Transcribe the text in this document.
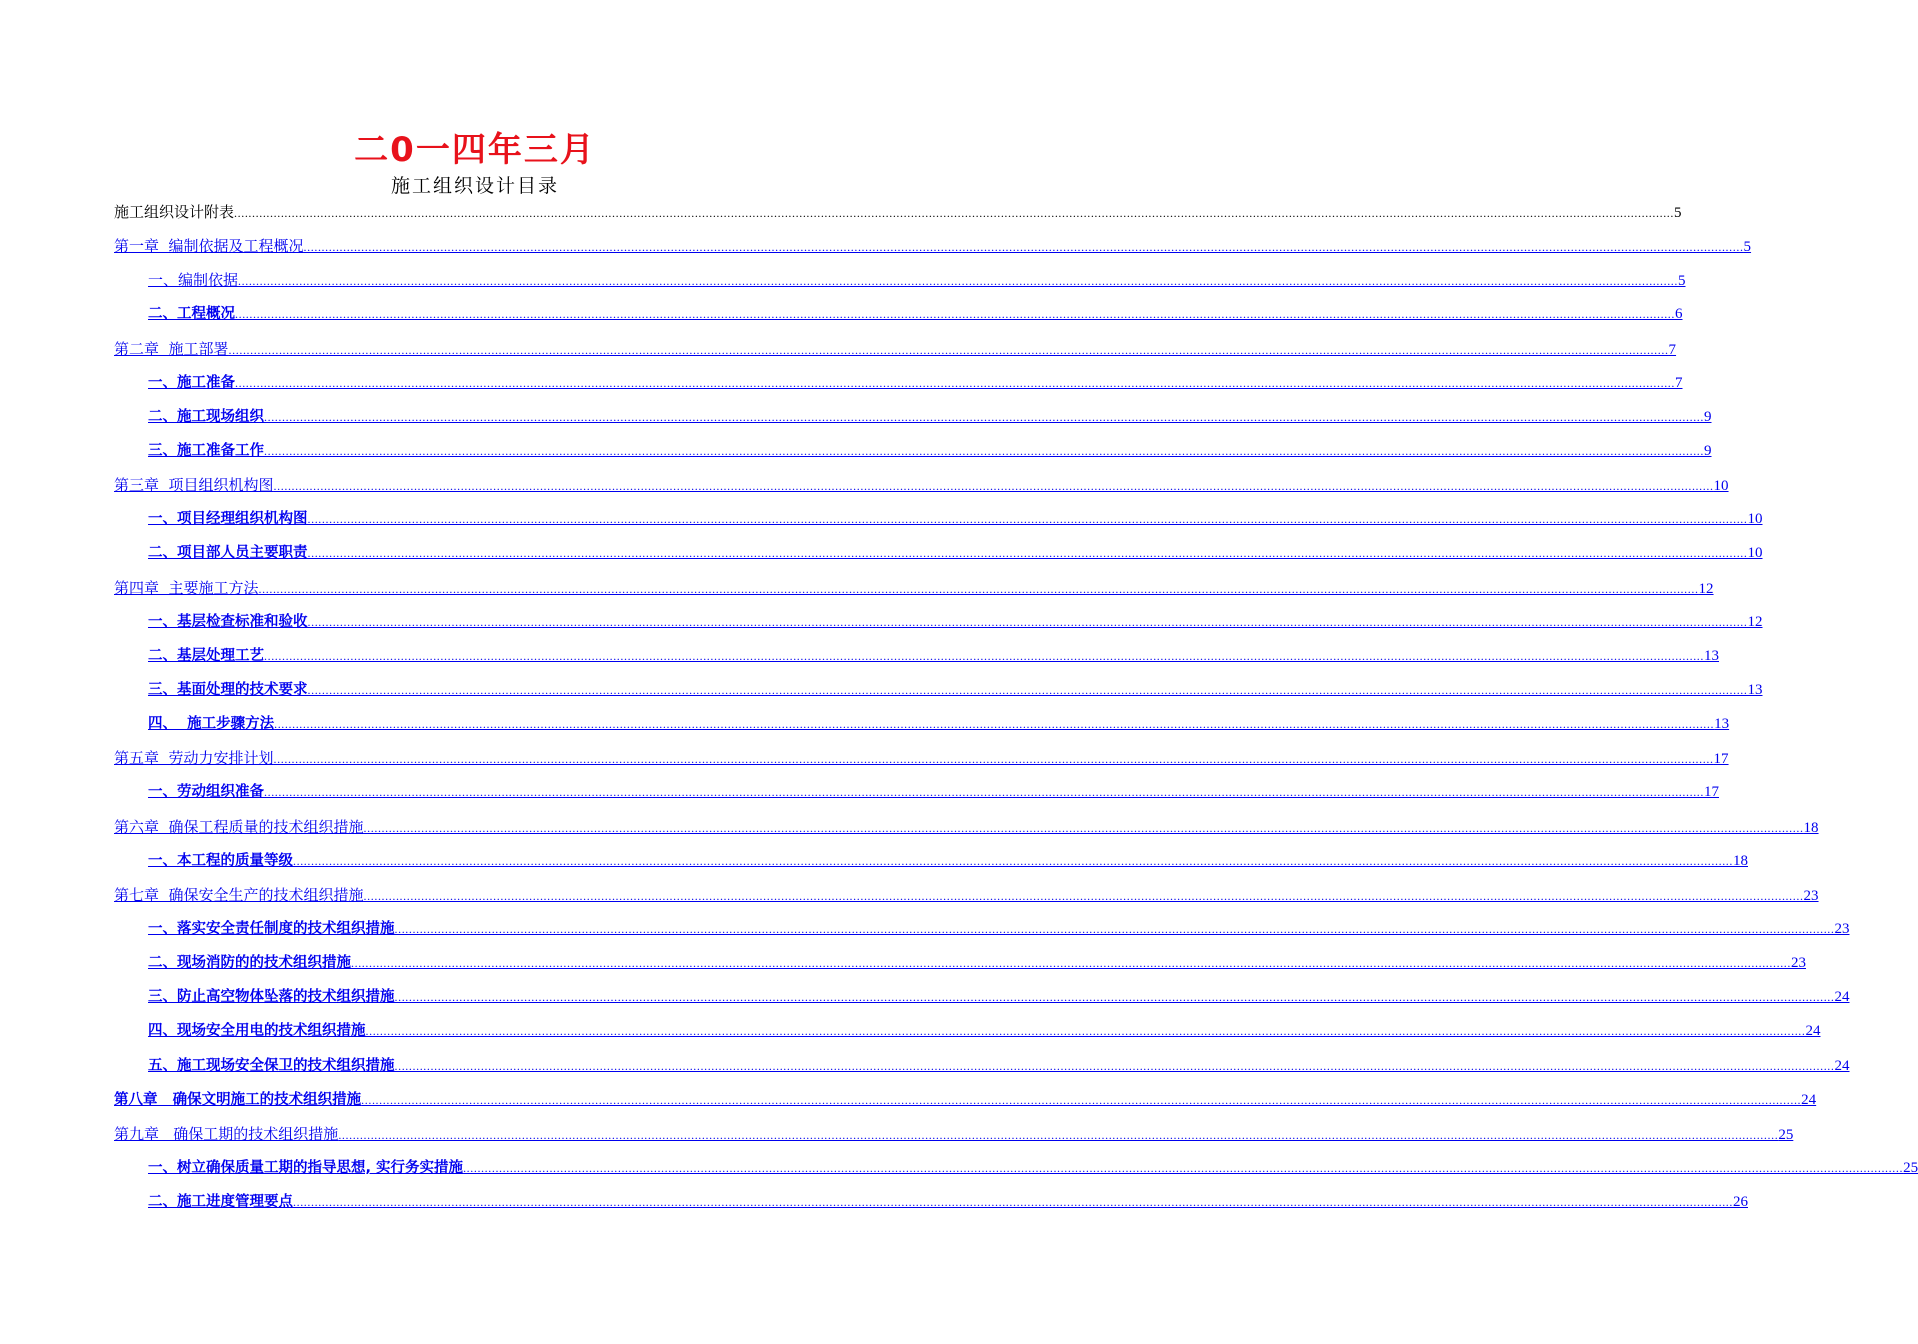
二0一四年三月
施工组织设计目录
施工组织设计附表 ................................................................................................................................................................................................................................................................................................................................................................................................................ 5
第一章  编制依据及工程概况 ................................................................................................................................................................................................................................................................................................................................................................................................................ 5
一、编制依据 ................................................................................................................................................................................................................................................................................................................................................................................................................ 5
二、工程概况 ................................................................................................................................................................................................................................................................................................................................................................................................................ 6
第二章  施工部署 ................................................................................................................................................................................................................................................................................................................................................................................................................ 7
一、施工准备 ................................................................................................................................................................................................................................................................................................................................................................................................................ 7
二、施工现场组织 ................................................................................................................................................................................................................................................................................................................................................................................................................ 9
三、施工准备工作 ................................................................................................................................................................................................................................................................................................................................................................................................................ 9
第三章  项目组织机构图 ................................................................................................................................................................................................................................................................................................................................................................................................................ 10
一、项目经理组织机构图 ................................................................................................................................................................................................................................................................................................................................................................................................................ 10
二、项目部人员主要职责 ................................................................................................................................................................................................................................................................................................................................................................................................................ 10
第四章  主要施工方法 ................................................................................................................................................................................................................................................................................................................................................................................................................ 12
一、基层检查标准和验收 ................................................................................................................................................................................................................................................................................................................................................................................................................ 12
二、基层处理工艺 ................................................................................................................................................................................................................................................................................................................................................................................................................ 13
三、基面处理的技术要求 ................................................................................................................................................................................................................................................................................................................................................................................................................ 13
四、  施工步骤方法 ................................................................................................................................................................................................................................................................................................................................................................................................................ 13
第五章  劳动力安排计划 ................................................................................................................................................................................................................................................................................................................................................................................................................ 17
一、劳动组织准备 ................................................................................................................................................................................................................................................................................................................................................................................................................ 17
第六章  确保工程质量的技术组织措施 ................................................................................................................................................................................................................................................................................................................................................................................................................ 18
一、本工程的质量等级 ................................................................................................................................................................................................................................................................................................................................................................................................................ 18
第七章  确保安全生产的技术组织措施 ................................................................................................................................................................................................................................................................................................................................................................................................................ 23
一、落实安全责任制度的技术组织措施 ................................................................................................................................................................................................................................................................................................................................................................................................................ 23
二、现场消防的的技术组织措施 ................................................................................................................................................................................................................................................................................................................................................................................................................ 23
三、防止高空物体坠落的技术组织措施 ................................................................................................................................................................................................................................................................................................................................................................................................................ 24
四、现场安全用电的技术组织措施 ................................................................................................................................................................................................................................................................................................................................................................................................................ 24
五、施工现场安全保卫的技术组织措施 ................................................................................................................................................................................................................................................................................................................................................................................................................ 24
第八章   确保文明施工的技术组织措施 ................................................................................................................................................................................................................................................................................................................................................................................................................ 24
第九章   确保工期的技术组织措施 ................................................................................................................................................................................................................................................................................................................................................................................................................ 25
一、树立确保质量工期的指导思想, 实行务实措施 ................................................................................................................................................................................................................................................................................................................................................................................................................ 25
二、施工进度管理要点 ................................................................................................................................................................................................................................................................................................................................................................................................................ 26
